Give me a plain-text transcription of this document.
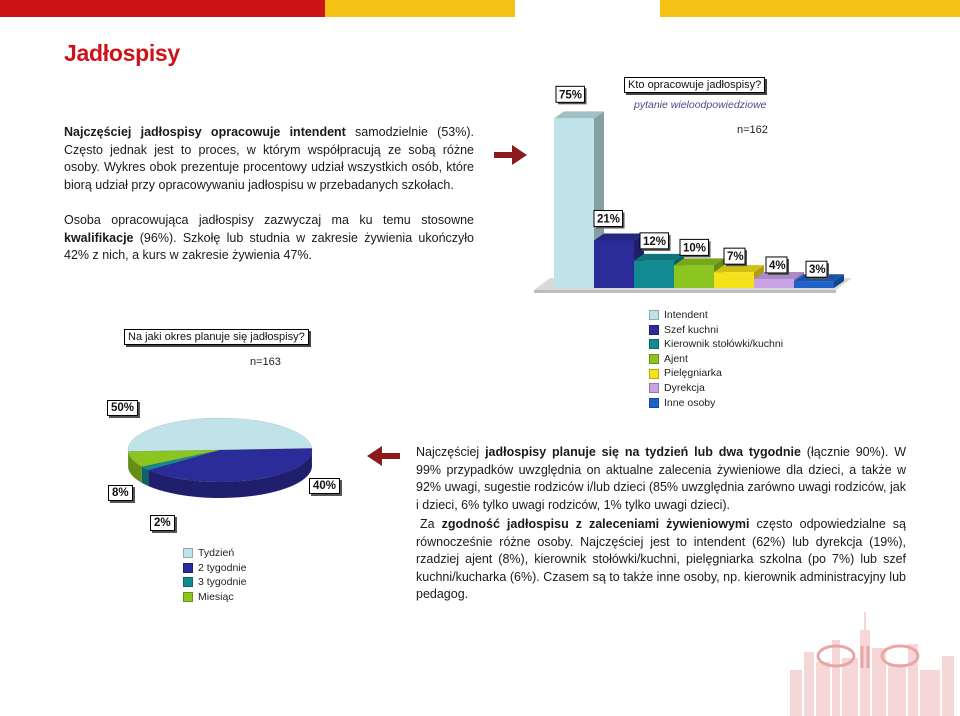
Jadłospisy
Najczęściej jadłospisy opracowuje intendent samodzielnie (53%). Często jednak jest to proces, w którym współpracują ze sobą różne osoby. Wykres obok prezentuje procentowy udział wszystkich osób, które biorą udział przy opracowywaniu jadłospisu w przebadanych szkołach.
Osoba opracowująca jadłospisy zazwyczaj ma ku temu stosowne kwalifikacje (96%). Szkołę lub studnia w zakresie żywienia ukończyło 42% z nich, a kurs w zakresie żywienia 47%.
Kto opracowuje jadłospisy?
pytanie wieloodpowiedziowe
n=162
75%
21%
12%
10%
7%
4% 3%
Intendent
Szef kuchni
Kierownik stołówki/kuchni
Ajent
Pielęgniarka
Dyrekcja
Inne osoby
Na jaki okres planuje się jadłospisy?
n=163
Tydzień
2 tygodnie
3 tygodnie
Miesiąc
Najczęściej jadłospisy planuje się na tydzień lub dwa tygodnie (łącznie 90%). W 99% przypadków uwzględnia on aktualne zalecenia żywieniowe dla dzieci, a także w 92% uwagi, sugestie rodziców i/lub dzieci (85% uwzględnia zarówno uwagi rodziców, jak i dzieci, 6% tylko uwagi rodziców, 1% tylko uwagi dzieci).
Za zgodność jadłospisu z zaleceniami żywieniowymi często odpowiedzialne są równocześnie różne osoby. Najczęściej jest to intendent (62%) lub dyrekcja (19%), rzadziej ajent (8%), kierownik stołówki/kuchni, pielęgniarka szkolna (po 7%) lub szef kuchni/kucharka (6%). Czasem są to także inne osoby, np. kierownik administracyjny lub pedagog.
50%
40%
2%
8%
